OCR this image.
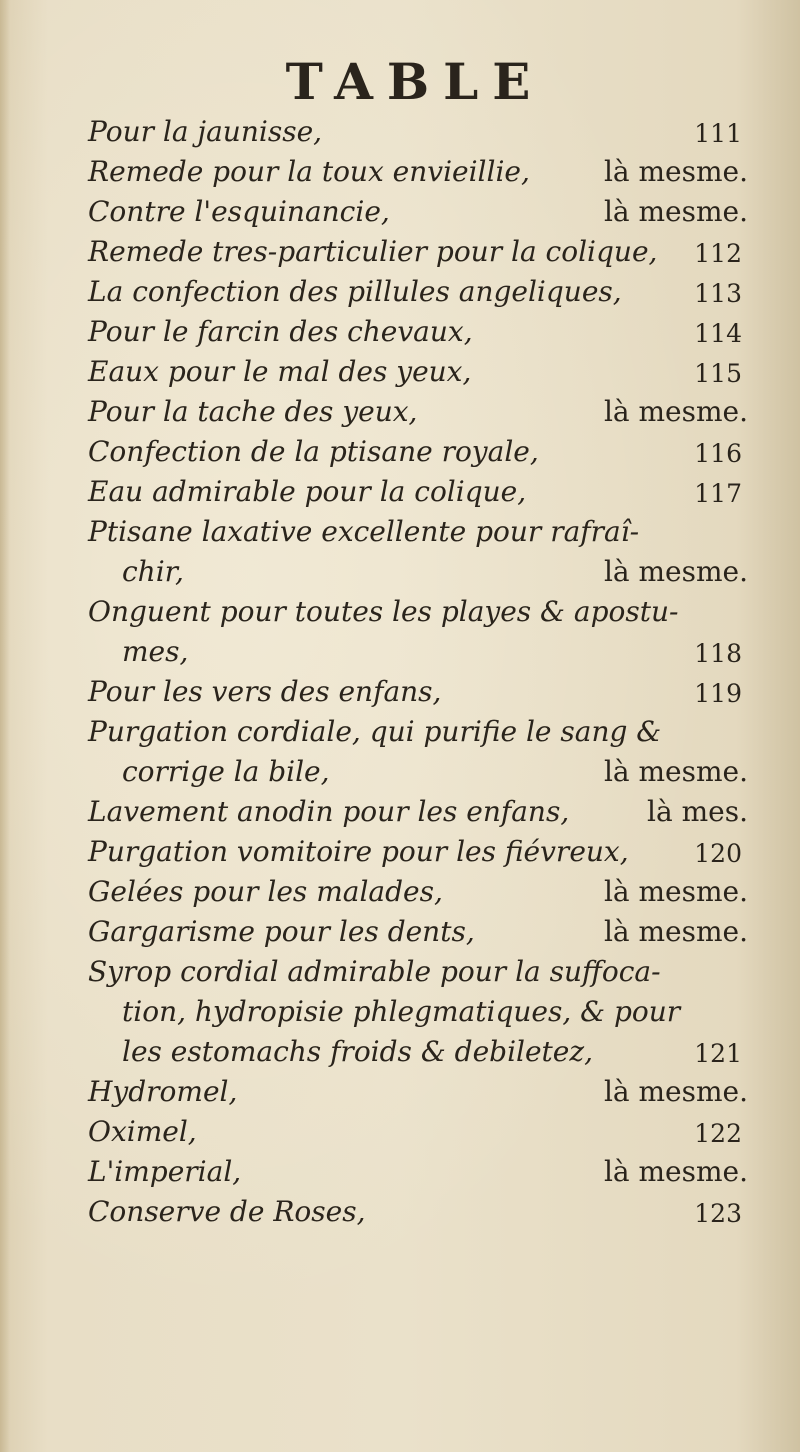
TABLE
Pour la jaunisse,	111
Remede pour la toux envieillie,	là mesme.
Contre l'esquinancie,	là mesme.
Remede tres-particulier pour la colique, 112
La confection des pillules angeliques,	113
Pour le farcin des chevaux,	114
Eaux pour le mal des yeux,	115
Pour la tache des yeux,	là mesme.
Confection de la ptisane royale,	116
Eau admirable pour la colique,	117
Ptisane laxative excellente pour rafraî-
chir,	là mesme.
Onguent pour toutes les playes & apostu-
mes,	118
Pour les vers des enfans,	119
Purgation cordiale, qui purifie le sang &
corrige la bile,	là mesme.
Lavement anodin pour les enfans,	là mes.
Purgation vomitoire pour les fiévreux,	120
Gelées pour les malades,	là mesme.
Gargarisme pour les dents,	là mesme.
Syrop cordial admirable pour la suffoca-
tion, hydropisie phlegmatiques, & pour
les estomachs froids & debiletez,	121
Hydromel,	là mesme.
Oximel,	122
L'imperial,	là mesme.
Conserve de Roses,	123
